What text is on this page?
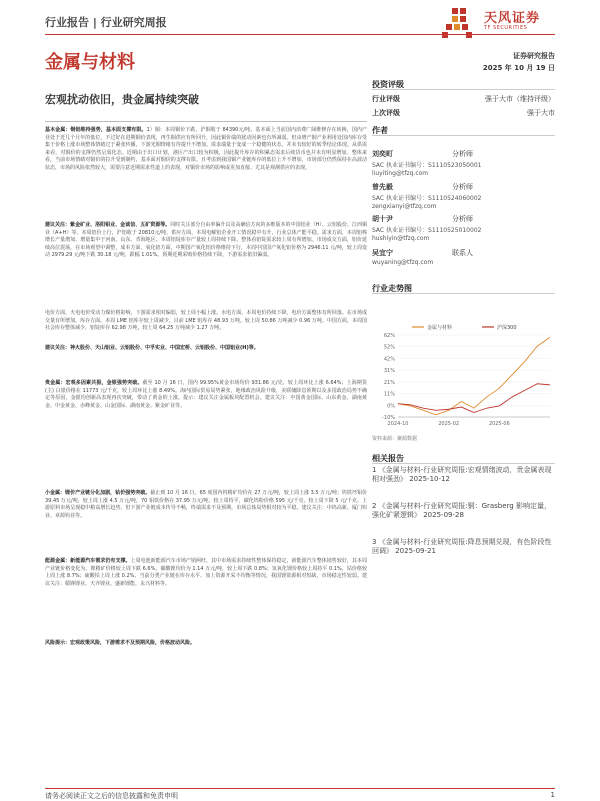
行业报告 | 行业研究周报	天风证券
TF SECURITIES
金属与材料
宏观扰动依旧，贵金属持续突破
证券研究报告
2025 年 10 月 19 日
投资评级
行业评级	强于大市（维持评级）
上次评级	强于大市
作者
刘奕町	分析师
SAC 执业证书编号：S1110523050001
liuyiting@tfzq.com
曾先毅	分析师
SAC 执业证书编号：S1110524060002
zengxianyi@tfzq.com
胡十尹	分析师
SAC 执业证书编号：S1110525010002
hushiyin@tfzq.com
吴宜宁	联系人
wuyaning@tfzq.com
行业走势图
62%
52%
42%
31%
21%
11%
0%
-10%
2024-10	2025-02	2025-06
金属与材料	沪深300
资料来源：聚源数据
相关报告
1 《金属与材料-行业研究周报:宏观情绪波动，贵金属表现相对强劲》 2025-10-12
2 《金属与材料-行业研究周报:铜：Grasberg 影响定量，强化矿紧逻辑》 2025-09-28
3 《金属与材料-行业研究周报:降息预期兑现，有色阶段性回调》 2025-09-21
基本金属：铜铝维持强势，基本面支撑有限。1）铜：本周铜价下跌，沪铜收于 84390元/吨。基本面上当前国内消费广阔维修存在转换，国内产业处于近几个月年的低位，不过好在进期铜价表现，再生铜供应有所回升，因此铜价端的扰动因素也有所减弱。但由增产铜产业利用处国内库存受集于价格上涨市场整体情绪过于紧张传播，下游光铜情绪有待提升不增加。需求端量于变成一个稳健的状态，并未有较好的转季结论体现。从供需来看，对铜价的支撑仍然呈弱化态。近期由于出口计划，港区产出口较为积极，因此提升库存的积累态需求后续货币也并未有明显增加。整体来看，当前市场情绪对铜价的拉升受到制约，基本面对铜价的支撑有限。且考虑到我国铜产业链库存的低位上升不增加，市场部分仍然保持在高波动状态，市场的风险依然较大，需要注意近期需求性道上的表现，对铜价市场的影响或更加直接。尤其是观测供应的表现。
建议关注：紫金矿业、洛阳钼业、金诚信、五矿资源等。同时关注部分自由率偏升以及高确信方向的多维版本的中国铝业（H）、云铝股份、江西铜业（A+H）等。本周铝价上行，沪铝收于 20810元/吨。供应方面，本周电解铝企业开工情况稳中有升，行业总体产能平稳。需求方面，本周铝棒增长产量增加，增量集中于河南、山东、青海地区。本周铝锭库存产量较上周持续下降。整体看铝锭需求较上周有所增加。市场成交方面，铝价延续高位震荡，在市场观望中调整，成本方面，氧化铝方面，中期国产氧化铝价格维持下行，本周中国国产氧化铝价格为 2946.11 元/吨，较上周变动 2979.29 元/吨下跌 30.18 元/吨，跌幅 1.01%。预期近期采购价格持续下降，下游需求依旧偏弱。
电价方面，火电电价受动力煤价格影响，下游需求相对偏弱，较上周小幅上涨。水电方面，本周电价持续下降，电价方面整体有所回落。在市场成交量有所增加。库存方面，本周 LME 铝库存较上周减少，目前 LME 铝库存 48.93 万吨。较上周 50.86 万吨减少 0.96 万吨。中国方面，本周国社会库存整体减少，铝锭库存 62.98 万吨，较上周 64.25 万吨减少 1.27 万吨。
建议关注：神火股份、天山铝业、云铝股份、中孚实业、中国宏桥、云铝股份、中国铝业(H)等。
贵金属：宏观多因素共振，金银强势突破。截至 10 月 16 日，国内 99.95%黄金市场均价 931.86 元/克，较上周环比上涨 6.64%；上海期货 (主) 白银价格在 11773 元/千克，较上周环比上涨 8.49%。海内国际贸易局势紧张，地缘政治风险升级，美联储降息预期以及多国政治局势不确定等原因，金银均创新高表现再次突破，带动了黄金的上涨。提示：建议关注金属板块配置机会。建议关注：中国黄金国际、山东黄金、湖南黄金、中金黄金、赤峰黄金、山金国际、湖南黄金、紫金矿业等。
小金属：锂价产业链分化加剧，钴价强势突破。截止到 10 月 16 日，65 度国内钨精矿均价在 27 万元/吨，较上周上涨 3.5 万元/吨；钨铁坯钼价 39.45 万元/吨，较上周上涨 4.5 万元/吨，70 钼铁价格在 37.95 万元/吨，较上周持平，碳化钨粉价格 595 元/千克，较上周下降 5 元/千克，上游原料市场呈现稳中稍高增长趋势，但下游产业链成本传导不畅，终端需求不及预期，市场总体局势相对较为平稳。建议关注：中钨高新、厦门钨业、章源钨业等。
能源金属：新能源汽车需求仍有支撑。上周电池新能源汽车市场产销两旺，其中市场需求持续性整体保持稳定，新能源汽车整体销售较好，其本周产业链价格变化为，锂精矿价格较上周下跌 6.6%，碳酸锂均价为 1.14 万元/吨，较上周下跌 0.8%；氢氧化锂价格较上周持平 0.1%，钴价格较上周上涨 8.7%；硫酸钴上周上涨 0.2%。当前分类产业链在库存水平、加上资源开采不均衡等情况，我国锂资源相对短缺，市场稳定性较弱。建议关注：赣锋锂业、天齐锂业、盛新锂能、永兴材料等。
风险提示：宏观政策风险，下游需求不及预期风险，价格波动风险。
请务必阅读正文之后的信息披露和免责申明	1
